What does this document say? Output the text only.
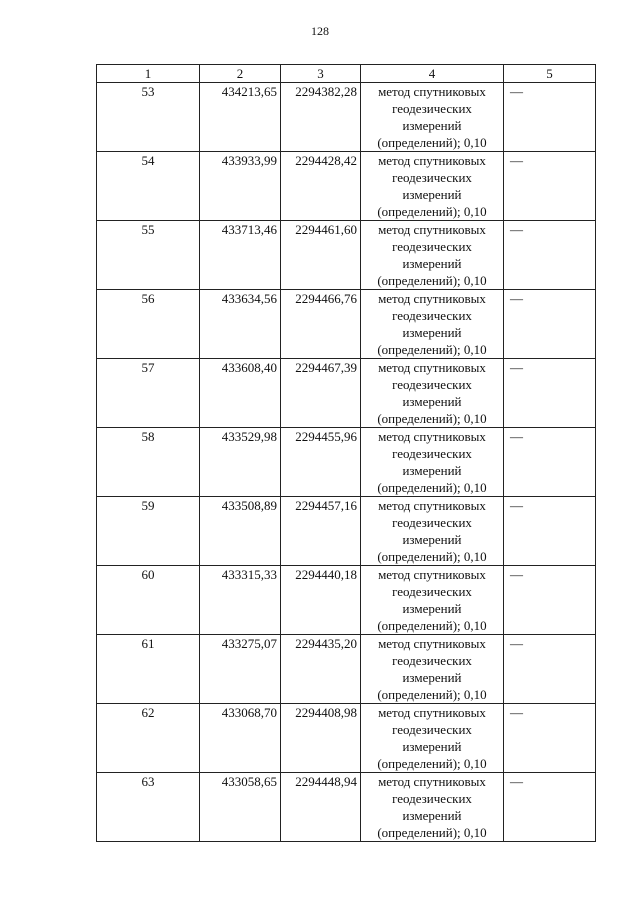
128
1	2	3	4	5
53	434213,65	2294382,28	метод спутниковых
геодезических
измерений
(определений); 0,10	—
54	433933,99	2294428,42	метод спутниковых
геодезических
измерений
(определений); 0,10	—
55	433713,46	2294461,60	метод спутниковых
геодезических
измерений
(определений); 0,10	—
56	433634,56	2294466,76	метод спутниковых
геодезических
измерений
(определений); 0,10	—
57	433608,40	2294467,39	метод спутниковых
геодезических
измерений
(определений); 0,10	—
58	433529,98	2294455,96	метод спутниковых
геодезических
измерений
(определений); 0,10	—
59	433508,89	2294457,16	метод спутниковых
геодезических
измерений
(определений); 0,10	—
60	433315,33	2294440,18	метод спутниковых
геодезических
измерений
(определений); 0,10	—
61	433275,07	2294435,20	метод спутниковых
геодезических
измерений
(определений); 0,10	—
62	433068,70	2294408,98	метод спутниковых
геодезических
измерений
(определений); 0,10	—
63	433058,65	2294448,94	метод спутниковых
геодезических
измерений
(определений); 0,10	—
